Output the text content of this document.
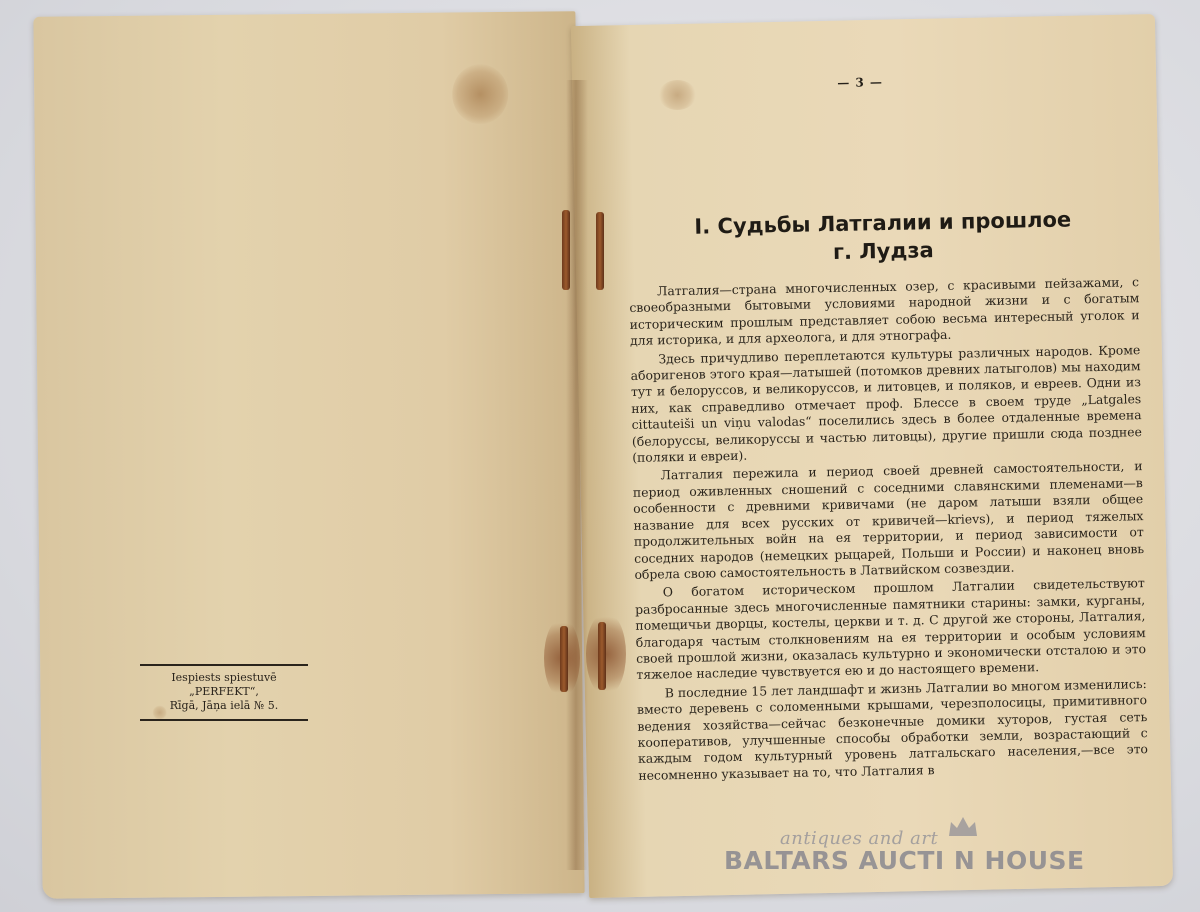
Iespiests spiestuvē „PERFEKT“,
Rīgā, Jāņa ielā № 5.
— 3 —
I. Судьбы Латгалии и прошлое
г. Лудза

Латгалия—страна многочисленных озер, с красивыми пейзажами, с своеобразными бытовыми условиями народной жизни и с богатым историческим прошлым представляет собою весьма интересный уголок и для историка, и для археолога, и для этнографа.

Здесь причудливо переплетаются культуры различных народов. Кроме аборигенов этого края—латышей (потомков древних латыголов) мы находим тут и белоруссов, и великоруссов, и литовцев, и поляков, и евреев. Одни из них, как справедливо отмечает проф. Блессе в своем труде „Latgales cittauteiši un viņu valodas“ поселились здесь в более отдаленные времена (белоруссы, великоруссы и частью литовцы), другие пришли сюда позднее (поляки и евреи).

Латгалия пережила и период своей древней самостоятельности, и период оживленных сношений с соседними славянскими племенами—в особенности с древними кривичами (не даром латыши взяли общее название для всех русских от кривичей—krievs), и период тяжелых продолжительных войн на ея территории, и период зависимости от соседних народов (немецких рыцарей, Польши и России) и наконец вновь обрела свою самостоятельность в Латвийском созвездии.

О богатом историческом прошлом Латгалии свидетельствуют разбросанные здесь многочисленные памятники старины: замки, курганы, помещичьи дворцы, костелы, церкви и т. д. С другой же стороны, Латгалия, благодаря частым столкновениям на ея территории и особым условиям своей прошлой жизни, оказалась культурно и экономически отсталою и это тяжелое наследие чувствуется ею и до настоящего времени.

В последние 15 лет ландшафт и жизнь Латгалии во многом изменились: вместо деревень с соломенными крышами, черезполосицы, примитивного ведения хозяйства—сейчас безконечные домики хуторов, густая сеть кооперативов, улучшенные способы обработки земли, возрастающий с каждым годом культурный уровень латгальскаго населения,—все это несомненно указывает на то, что Латгалия в

antiques and art
BALTARS AUCTI N HOUSE
